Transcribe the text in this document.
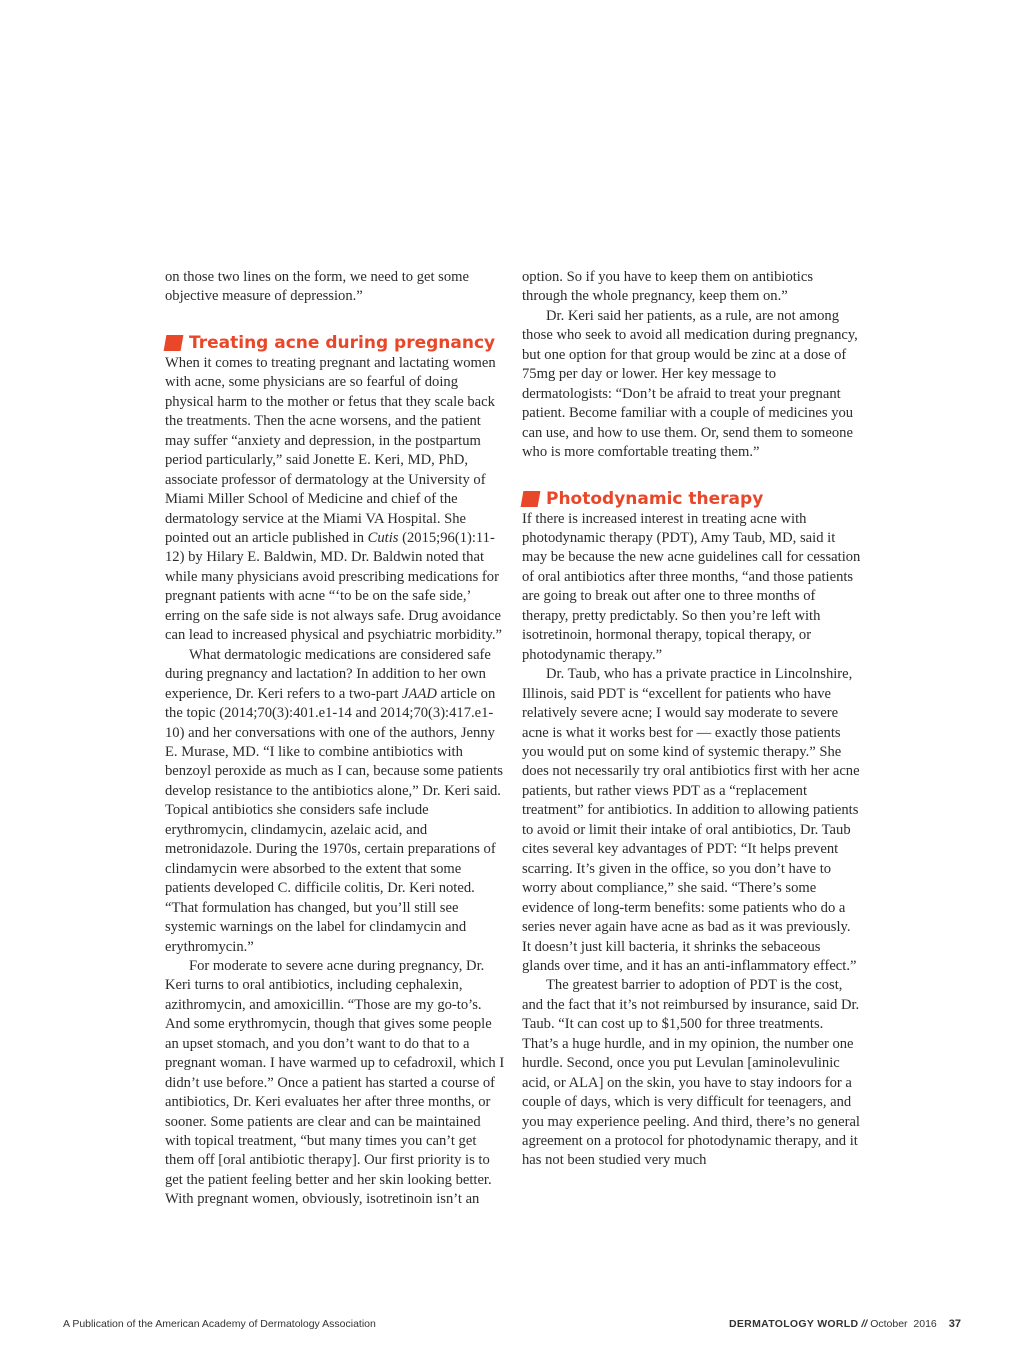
on those two lines on the form, we need to get some objective measure of depression.”

Treating acne during pregnancy

When it comes to treating pregnant and lactating women with acne, some physicians are so fearful of doing physical harm to the mother or fetus that they scale back the treatments. Then the acne worsens, and the patient may suffer “anxiety and depression, in the postpartum period particularly,” said Jonette E. Keri, MD, PhD, associate professor of dermatology at the University of Miami Miller School of Medicine and chief of the dermatology service at the Miami VA Hospital. She pointed out an article published in Cutis (2015;96(1):11-12) by Hilary E. Baldwin, MD. Dr. Baldwin noted that while many physicians avoid prescribing medications for pregnant patients with acne “‘to be on the safe side,’ erring on the safe side is not always safe. Drug avoidance can lead to increased physical and psychiatric morbidity.”

What dermatologic medications are considered safe during pregnancy and lactation? In addition to her own experience, Dr. Keri refers to a two-part JAAD article on the topic (2014;70(3):401.e1-14 and 2014;70(3):417.e1-10) and her conversations with one of the authors, Jenny E. Murase, MD. “I like to combine antibiotics with benzoyl peroxide as much as I can, because some patients develop resistance to the antibiotics alone,” Dr. Keri said. Topical antibiotics she considers safe include erythromycin, clindamycin, azelaic acid, and metronidazole. During the 1970s, certain preparations of clindamycin were absorbed to the extent that some patients developed C. difficile colitis, Dr. Keri noted. “That formulation has changed, but you’ll still see systemic warnings on the label for clindamycin and erythromycin.”

For moderate to severe acne during pregnancy, Dr. Keri turns to oral antibiotics, including cephalexin, azithromycin, and amoxicillin. “Those are my go-to’s. And some erythromycin, though that gives some people an upset stomach, and you don’t want to do that to a pregnant woman. I have warmed up to cefadroxil, which I didn’t use before.” Once a patient has started a course of antibiotics, Dr. Keri evaluates her after three months, or sooner. Some patients are clear and can be maintained with topical treatment, “but many times you can’t get them off [oral antibiotic therapy]. Our first priority is to get the patient feeling better and her skin looking better. With pregnant women, obviously, isotretinoin isn’t an

option. So if you have to keep them on antibiotics through the whole pregnancy, keep them on.”

Dr. Keri said her patients, as a rule, are not among those who seek to avoid all medication during pregnancy, but one option for that group would be zinc at a dose of 75mg per day or lower. Her key message to dermatologists: “Don’t be afraid to treat your pregnant patient. Become familiar with a couple of medicines you can use, and how to use them. Or, send them to someone who is more comfortable treating them.”

Photodynamic therapy

If there is increased interest in treating acne with photodynamic therapy (PDT), Amy Taub, MD, said it may be because the new acne guidelines call for cessation of oral antibiotics after three months, “and those patients are going to break out after one to three months of therapy, pretty predictably. So then you’re left with isotretinoin, hormonal therapy, topical therapy, or photodynamic therapy.”

Dr. Taub, who has a private practice in Lincolnshire, Illinois, said PDT is “excellent for patients who have relatively severe acne; I would say moderate to severe acne is what it works best for — exactly those patients you would put on some kind of systemic therapy.” She does not necessarily try oral antibiotics first with her acne patients, but rather views PDT as a “replacement treatment” for antibiotics. In addition to allowing patients to avoid or limit their intake of oral antibiotics, Dr. Taub cites several key advantages of PDT: “It helps prevent scarring. It’s given in the office, so you don’t have to worry about compliance,” she said. “There’s some evidence of long-term benefits: some patients who do a series never again have acne as bad as it was previously. It doesn’t just kill bacteria, it shrinks the sebaceous glands over time, and it has an anti-inflammatory effect.”

The greatest barrier to adoption of PDT is the cost, and the fact that it’s not reimbursed by insurance, said Dr. Taub. “It can cost up to $1,500 for three treatments. That’s a huge hurdle, and in my opinion, the number one hurdle. Second, once you put Levulan [aminolevulinic acid, or ALA] on the skin, you have to stay indoors for a couple of days, which is very difficult for teenagers, and you may experience peeling. And third, there’s no general agreement on a protocol for photodynamic therapy, and it has not been studied very much

A Publication of the American Academy of Dermatology Association	DERMATOLOGY WORLD // October  2016 37
